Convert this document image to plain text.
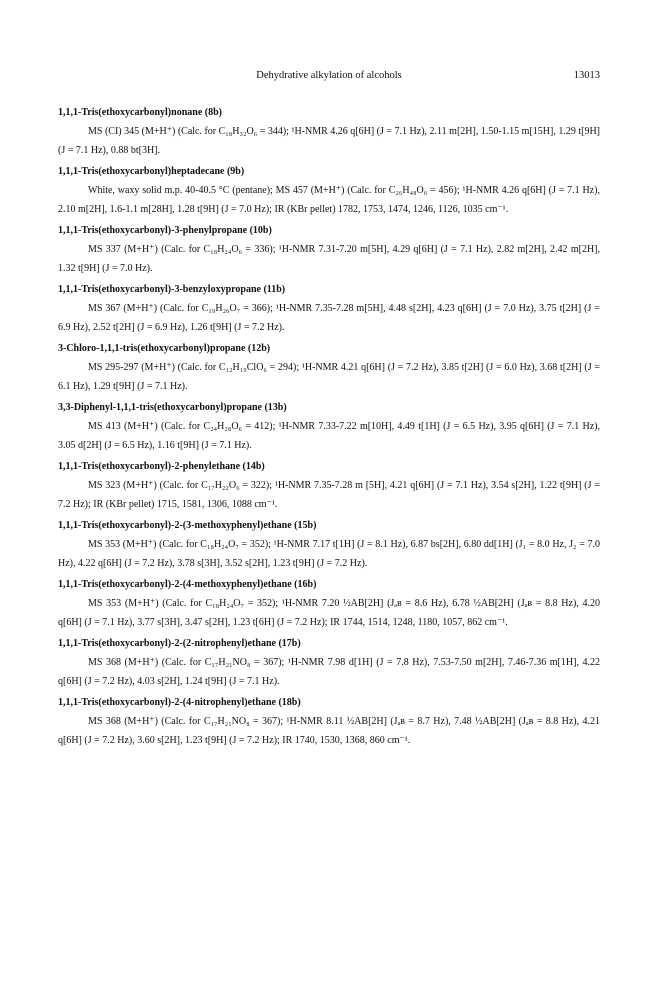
Dehydrative alkylation of alcohols	13013

1,1,1-Tris(ethoxycarbonyl)nonane (8b)

MS (CI) 345 (M+H⁺) (Calc. for C₁₈H₃₂O₆ = 344); ¹H-NMR 4.26 q[6H] (J = 7.1 Hz), 2.11 m[2H], 1.50-1.15 m[15H], 1.29 t[9H] (J = 7.1 Hz), 0.88 bt[3H].

1,1,1-Tris(ethoxycarbonyl)heptadecane (9b)

White, waxy solid m.p. 40-40.5 °C (pentane); MS 457 (M+H⁺) (Calc. for C₂₆H₄₈O₆ = 456); ¹H-NMR 4.26 q[6H] (J = 7.1 Hz), 2.10 m[2H], 1.6-1.1 m[28H], 1.28 t[9H] (J = 7.0 Hz); IR (KBr pellet) 1782, 1753, 1474, 1246, 1126, 1035 cm⁻¹.

1,1,1-Tris(ethoxycarbonyl)-3-phenylpropane (10b)

MS 337 (M+H⁺) (Calc. for C₁₈H₂₄O₆ = 336); ¹H-NMR 7.31-7.20 m[5H], 4.29 q[6H] (J = 7.1 Hz), 2.82 m[2H], 2.42 m[2H], 1.32 t[9H] (J = 7.0 Hz).

1,1,1-Tris(ethoxycarbonyl)-3-benzyloxypropane (11b)

MS 367 (M+H⁺) (Calc. for C₁₉H₂₆O₇ = 366); ¹H-NMR 7.35-7.28 m[5H], 4.48 s[2H], 4.23 q[6H] (J = 7.0 Hz), 3.75 t[2H] (J = 6.9 Hz), 2.52 t[2H] (J = 6.9 Hz), 1.26 t[9H] (J = 7.2 Hz).

3-Chloro-1,1,1-tris(ethoxycarbonyl)propane (12b)

MS 295-297 (M+H⁺) (Calc. for C₁₂H₁₉ClO₆ = 294); ¹H-NMR 4.21 q[6H] (J = 7.2 Hz), 3.85 t[2H] (J = 6.0 Hz), 3.68 t[2H] (J = 6.1 Hz), 1.29 t[9H] (J = 7.1 Hz).

3,3-Diphenyl-1,1,1-tris(ethoxycarbonyl)propane (13b)

MS 413 (M+H⁺) (Calc. for C₂₄H₂₈O₆ = 412); ¹H-NMR 7.33-7.22 m[10H], 4.49 t[1H] (J = 6.5 Hz), 3.95 q[6H] (J = 7.1 Hz), 3.05 d[2H] (J = 6.5 Hz), 1.16 t[9H] (J = 7.1 Hz).

1,1,1-Tris(ethoxycarbonyl)-2-phenylethane (14b)

MS 323 (M+H⁺) (Calc. for C₁₇H₂₂O₆ = 322); ¹H-NMR 7.35-7.28 m [5H], 4.21 q[6H] (J = 7.1 Hz), 3.54 s[2H], 1.22 t[9H] (J = 7.2 Hz); IR (KBr pellet) 1715, 1581, 1306, 1088 cm⁻¹.

1,1,1-Tris(ethoxycarbonyl)-2-(3-methoxyphenyl)ethane (15b)

MS 353 (M+H⁺) (Calc. for C₁₈H₂₄O₇ = 352); ¹H-NMR 7.17 t[1H] (J = 8.1 Hz), 6.87 bs[2H], 6.80 dd[1H] (J₁ = 8.0 Hz, J₂ = 7.0 Hz), 4.22 q[6H] (J = 7.2 Hz), 3.78 s[3H], 3.52 s[2H], 1.23 t[9H] (J = 7.2 Hz).

1,1,1-Tris(ethoxycarbonyl)-2-(4-methoxyphenyl)ethane (16b)

MS 353 (M+H⁺) (Calc. for C₁₈H₂₄O₇ = 352); ¹H-NMR 7.20 ½AB[2H] (Jₐʙ = 8.6 Hz), 6.78 ½AB[2H] (Jₐʙ = 8.8 Hz), 4.20 q[6H] (J = 7.1 Hz), 3.77 s[3H], 3.47 s[2H], 1.23 t[6H] (J = 7.2 Hz); IR 1744, 1514, 1248, 1180, 1057, 862 cm⁻¹.

1,1,1-Tris(ethoxycarbonyl)-2-(2-nitrophenyl)ethane (17b)

MS 368 (M+H⁺) (Calc. for C₁₇H₂₁NO₈ = 367); ¹H-NMR 7.98 d[1H] (J = 7.8 Hz), 7.53-7.50 m[2H], 7.46-7.36 m[1H], 4.22 q[6H] (J = 7.2 Hz), 4.03 s[2H], 1.24 t[9H] (J = 7.1 Hz).

1,1,1-Tris(ethoxycarbonyl)-2-(4-nitrophenyl)ethane (18b)

MS 368 (M+H⁺) (Calc. for C₁₇H₂₁NO₈ = 367); ¹H-NMR 8.11 ½AB[2H] (Jₐʙ = 8.7 Hz), 7.48 ½AB[2H] (Jₐʙ = 8.8 Hz), 4.21 q[6H] (J = 7.2 Hz), 3.60 s[2H], 1.23 t[9H] (J = 7.2 Hz); IR 1740, 1530, 1368, 860 cm⁻¹.
